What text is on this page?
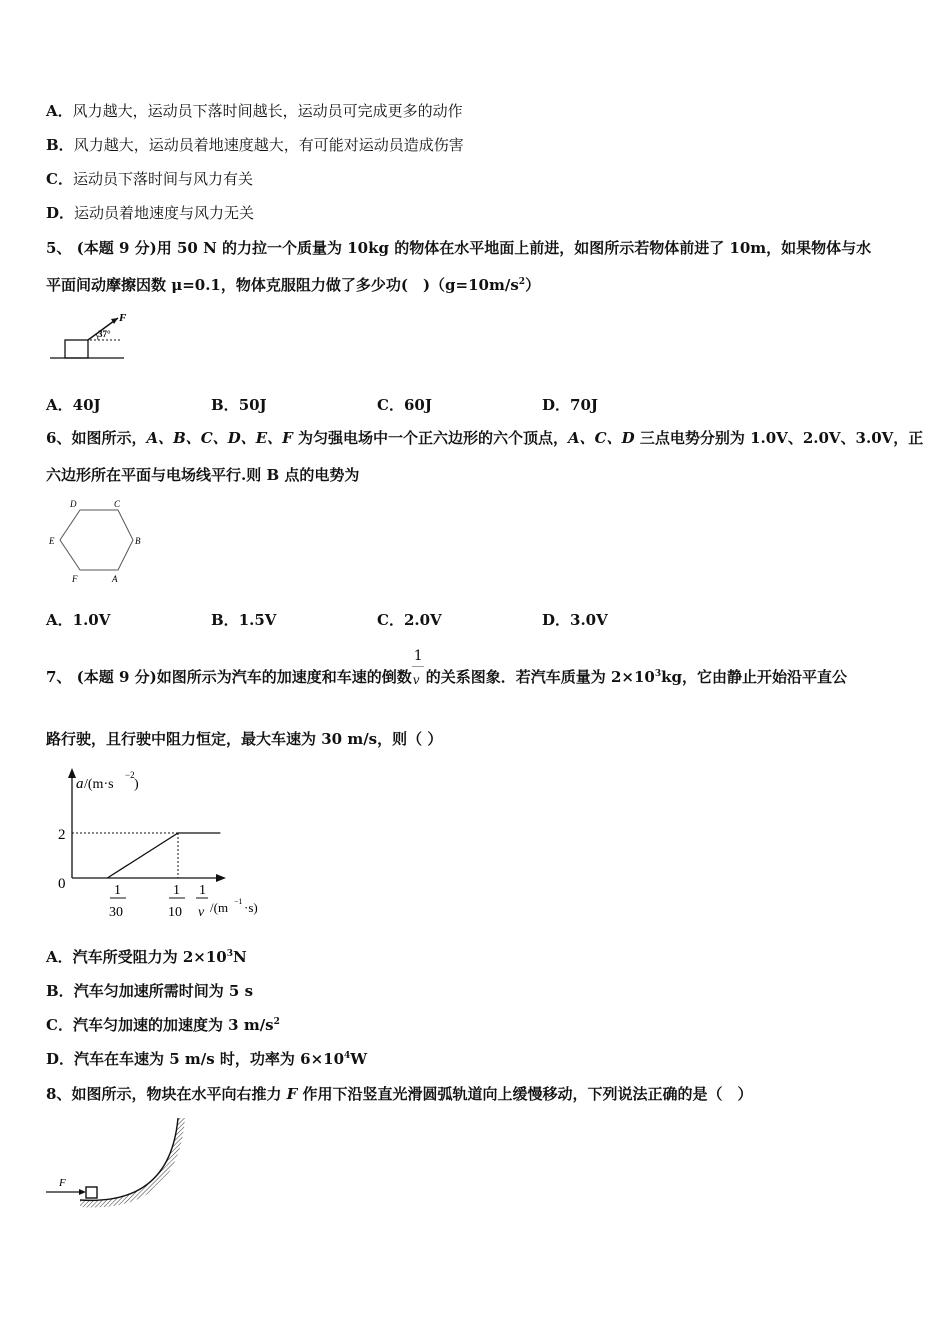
A．风力越大，运动员下落时间越长，运动员可完成更多的动作
B．风力越大，运动员着地速度越大，有可能对运动员造成伤害
C．运动员下落时间与风力有关
D．运动员着地速度与风力无关
5、 (本题 9 分)用 50 N 的力拉一个质量为 10kg 的物体在水平地面上前进，如图所示若物体前进了 10m，如果物体与水
平面间动摩擦因数 μ=0.1，物体克服阻力做了多少功(　)$(g=10m/s^2)$
F
37°
A．40J	B．50J	C．60J	D．70J
6、如图所示，A、B、C、D、E、F 为匀强电场中一个正六边形的六个顶点，A、C、D 三点电势分别为 1.0V、2.0V、3.0V，正
六边形所在平面与电场线平行.则 B 点的电势为
D	C
E	B
F	A
A．1.0V	B．1.5V	C．2.0V	D．3.0V
7、 (本题 9 分)如图所示为汽车的加速度和车速的倒数 $\frac{1}{v}$ 的关系图象．若汽车质量为 $2\times 10^3kg$，它由静止开始沿平直公
路行驶，且行驶中阻力恒定，最大车速为 30 m/s，则（ ）
a /(m·s
−2
)
0
2
1
30
1
10
1
v /(m −1 ·s)
A．汽车所受阻力为 $2\times 10^3N$
B．汽车匀加速所需时间为 5 s
C．汽车匀加速的加速度为 3 $m/s^2$
D．汽车在车速为 5 m/s 时，功率为 $6\times 10^4W$
8、如图所示，物块在水平向右推力 F 作用下沿竖直光滑圆弧轨道向上缓慢移动，下列说法正确的是（　）
F
